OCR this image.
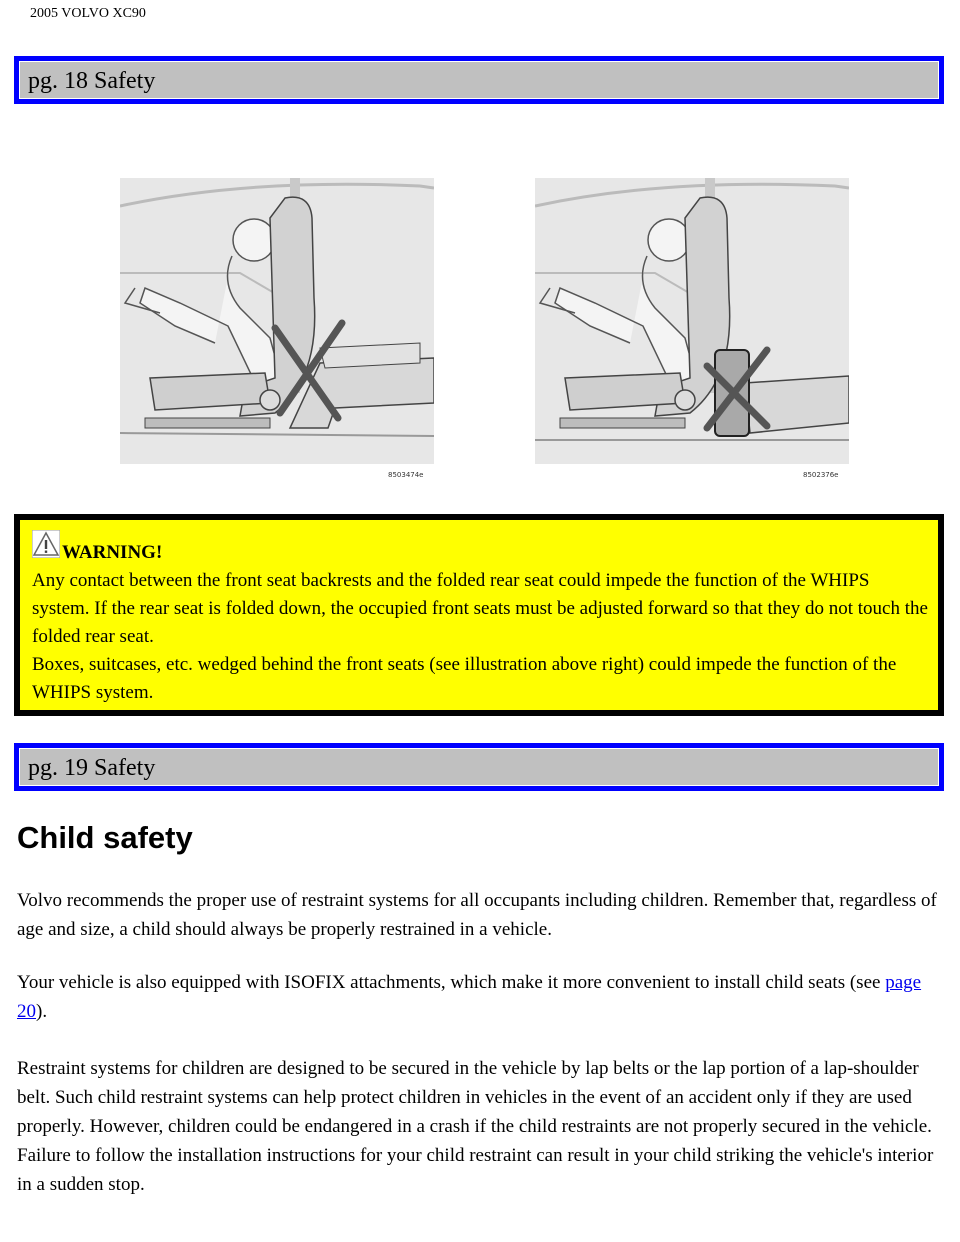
2005 VOLVO XC90
pg. 18 Safety
8503474e	8502376e
WARNING!
Any contact between the front seat backrests and the folded rear seat could impede the function of the WHIPS system. If the rear seat is folded down, the occupied front seats must be adjusted forward so that they do not touch the folded rear seat.
Boxes, suitcases, etc. wedged behind the front seats (see illustration above right) could impede the function of the WHIPS system.
pg. 19 Safety
Child safety

Volvo recommends the proper use of restraint systems for all occupants including children. Remember that, regardless of age and size, a child should always be properly restrained in a vehicle.

Your vehicle is also equipped with ISOFIX attachments, which make it more convenient to install child seats (see page 20).

Restraint systems for children are designed to be secured in the vehicle by lap belts or the lap portion of a lap-shoulder belt. Such child restraint systems can help protect children in vehicles in the event of an accident only if they are used properly. However, children could be endangered in a crash if the child restraints are not properly secured in the vehicle. Failure to follow the installation instructions for your child restraint can result in your child striking the vehicle's interior in a sudden stop.
